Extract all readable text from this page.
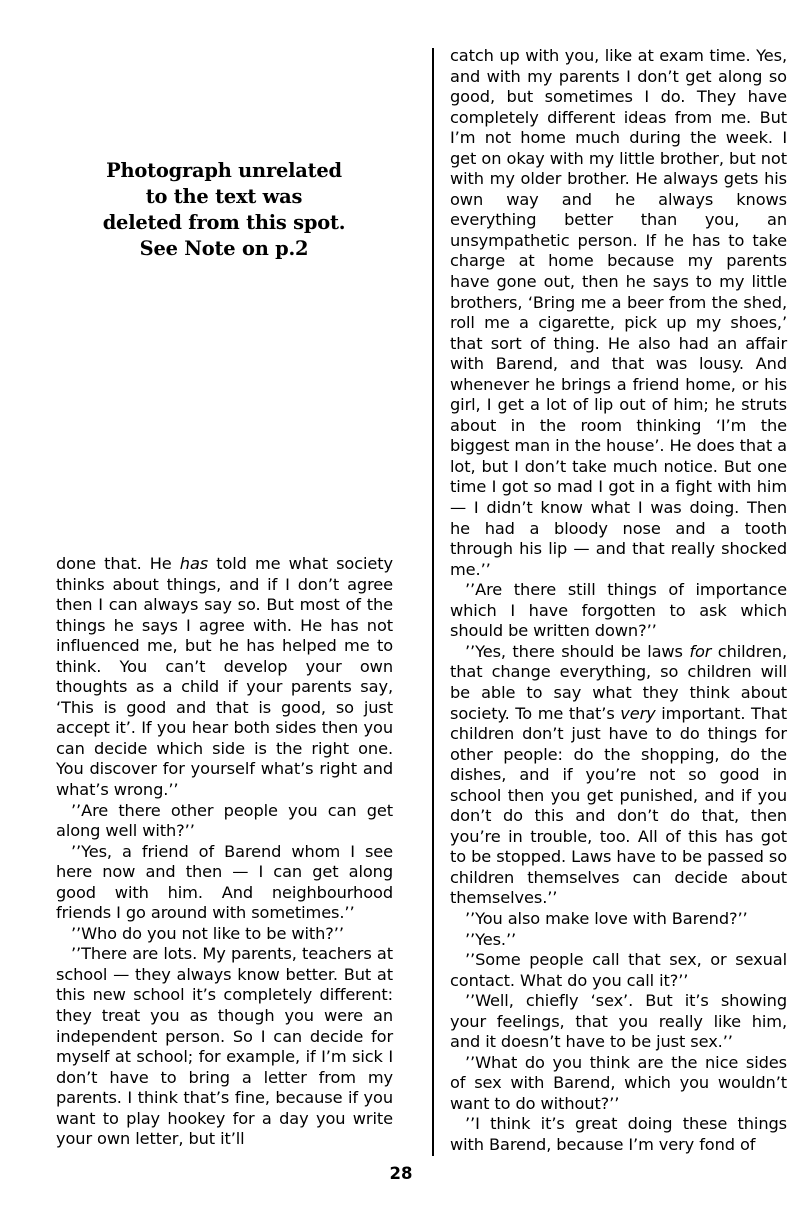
Photograph unrelated
to the text was
deleted from this spot.
See Note on p.2

done that. He has told me what society thinks about things, and if I don’t agree then I can always say so. But most of the things he says I agree with. He has not influenced me, but he has helped me to think. You can’t develop your own thoughts as a child if your parents say, ‘This is good and that is good, so just accept it’. If you hear both sides then you can decide which side is the right one. You discover for yourself what’s right and what’s wrong.’’

’’Are there other people you can get along well with?’’

’’Yes, a friend of Barend whom I see here now and then — I can get along good with him. And neighbourhood friends I go around with sometimes.’’

’’Who do you not like to be with?’’

’’There are lots. My parents, teachers at school — they always know better. But at this new school it’s completely different: they treat you as though you were an independent person. So I can decide for myself at school; for example, if I’m sick I don’t have to bring a letter from my parents. I think that’s fine, because if you want to play hookey for a day you write your own letter, but it’ll

catch up with you, like at exam time. Yes, and with my parents I don’t get along so good, but sometimes I do. They have completely different ideas from me. But I’m not home much during the week. I get on okay with my little brother, but not with my older brother. He always gets his own way and he always knows everything better than you, an unsympathetic person. If he has to take charge at home because my parents have gone out, then he says to my little brothers, ‘Bring me a beer from the shed, roll me a cigarette, pick up my shoes,’ that sort of thing. He also had an affair with Barend, and that was lousy. And whenever he brings a friend home, or his girl, I get a lot of lip out of him; he struts about in the room thinking ‘I’m the biggest man in the house’. He does that a lot, but I don’t take much notice. But one time I got so mad I got in a fight with him — I didn’t know what I was doing. Then he had a bloody nose and a tooth through his lip — and that really shocked me.’’

’’Are there still things of importance which I have forgotten to ask which should be written down?’’

’’Yes, there should be laws for children, that change everything, so children will be able to say what they think about society. To me that’s very important. That children don’t just have to do things for other people: do the shopping, do the dishes, and if you’re not so good in school then you get punished, and if you don’t do this and don’t do that, then you’re in trouble, too. All of this has got to be stopped. Laws have to be passed so children themselves can decide about themselves.’’

’’You also make love with Barend?’’

’’Yes.’’

’’Some people call that sex, or sexual contact. What do you call it?’’

’’Well, chiefly ‘sex’. But it’s showing your feelings, that you really like him, and it doesn’t have to be just sex.’’

’’What do you think are the nice sides of sex with Barend, which you wouldn’t want to do without?’’

’’I think it’s great doing these things with Barend, because I’m very fond of

28
